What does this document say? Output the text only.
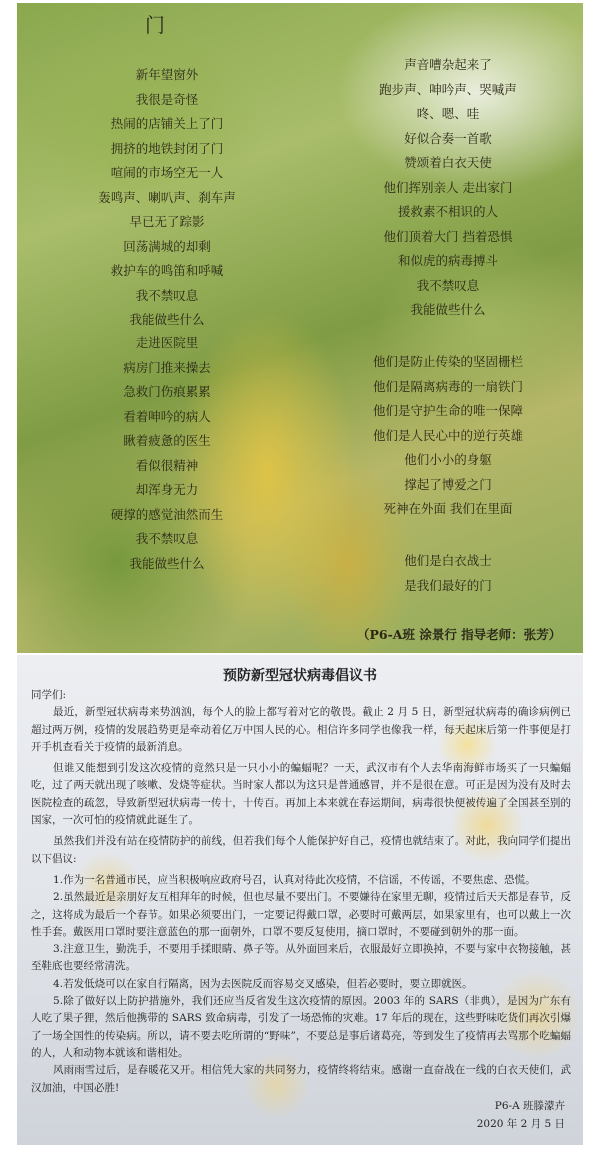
门
新年望窗外
我很是奇怪
热闹的店铺关上了门
拥挤的地铁封闭了门
喧闹的市场空无一人
轰鸣声、喇叭声、刹车声
早已无了踪影
回荡满城的却剩
救护车的鸣笛和呼喊
我不禁叹息
我能做些什么
走进医院里
病房门推来操去
急救门伤痕累累
看着呻吟的病人
瞅着疲惫的医生
看似很精神
却浑身无力
硬撑的感觉油然而生
我不禁叹息
我能做些什么
声音嘈杂起来了
跑步声、呻吟声、哭喊声
咚、嗯、哇
好似合奏一首歌
赞颂着白衣天使
他们挥别亲人 走出家门
援救素不相识的人
他们顶着大门 挡着恐惧
和似虎的病毒搏斗
我不禁叹息
我能做些什么
他们是防止传染的坚固栅栏
他们是隔离病毒的一扇铁门
他们是守护生命的唯一保障
他们是人民心中的逆行英雄
他们小小的身躯
撑起了博爱之门
死神在外面 我们在里面
他们是白衣战士
是我们最好的门
（P6-A班 涂景行 指导老师：张芳）
预防新型冠状病毒倡议书

同学们:

最近，新型冠状病毒来势汹汹，每个人的脸上都写着对它的敬畏。截止 2 月 5 日，新型冠状病毒的确诊病例已超过两万例，疫情的发展趋势更是牵动着亿万中国人民的心。相信许多同学也像我一样，每天起床后第一件事便是打开手机查看关于疫情的最新消息。

但谁又能想到引发这次疫情的竟然只是一只小小的蝙蝠呢？一天，武汉市有个人去华南海鲜市场买了一只蝙蝠吃，过了两天就出现了咳嗽、发烧等症状。当时家人都以为这只是普通感冒，并不是很在意。可正是因为没有及时去医院检查的疏忽，导致新型冠状病毒一传十，十传百。再加上本来就在春运期间，病毒很快便被传遍了全国甚至别的国家，一次可怕的疫情就此诞生了。

虽然我们并没有站在疫情防护的前线，但若我们每个人能保护好自己，疫情也就结束了。对此，我向同学们提出以下倡议:

1.作为一名普通市民，应当积极响应政府号召，认真对待此次疫情，不信谣，不传谣，不要焦虑、恐慌。

2.虽然最近是亲朋好友互相拜年的时候，但也尽量不要出门。不要嫌待在家里无聊，疫情过后天天都是春节，反之，这将成为最后一个春节。如果必须要出门，一定要记得戴口罩，必要时可戴两层，如果家里有，也可以戴上一次性手套。戴医用口罩时要注意蓝色的那一面朝外，口罩不要反复使用，摘口罩时，不要碰到朝外的那一面。

3.注意卫生，勤洗手，不要用手揉眼睛、鼻子等。从外面回来后，衣服最好立即换掉，不要与家中衣物接触，甚至鞋底也要经常清洗。

4.若发低烧可以在家自行隔离，因为去医院反而容易交叉感染，但若必要时，要立即就医。

5.除了做好以上防护措施外，我们还应当反省发生这次疫情的原因。2003 年的 SARS（非典），是因为广东有人吃了果子狸，然后他携带的 SARS 致命病毒，引发了一场恐怖的灾难。17 年后的现在，这些野味吃货们再次引爆了一场全国性的传染病。所以，请不要去吃所谓的“野味”，不要总是事后诸葛亮，等到发生了疫情再去骂那个吃蝙蝠的人，人和动物本就该和谐相处。

风雨雨雪过后，是春暖花又开。相信凭大家的共同努力，疫情终将结束。感谢一直奋战在一线的白衣天使们，武汉加油，中国必胜!

P6-A 班滕濛卉
2020 年 2 月 5 日
